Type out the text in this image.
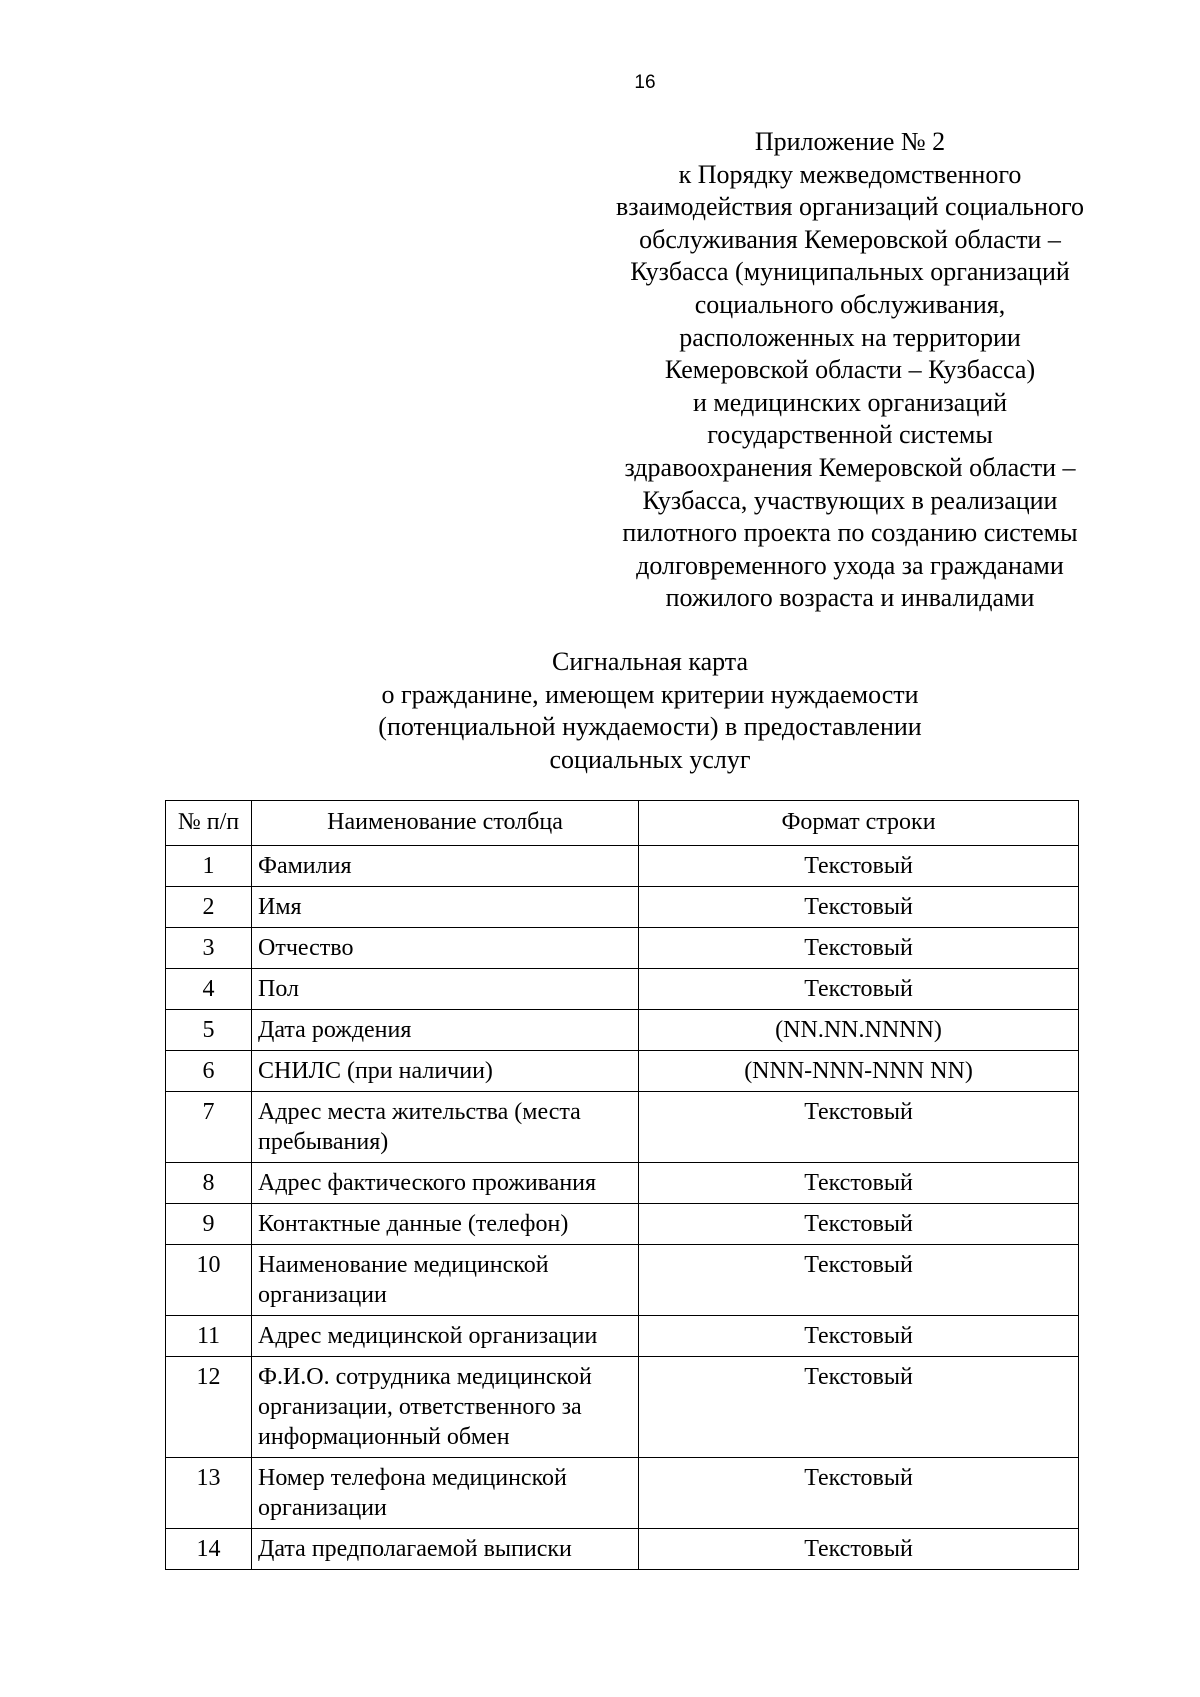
16
Приложение № 2
к Порядку межведомственного
взаимодействия организаций социального
обслуживания Кемеровской области –
Кузбасса (муниципальных организаций
социального обслуживания,
расположенных на территории
Кемеровской области – Кузбасса)
и медицинских организаций
государственной системы
здравоохранения Кемеровской области –
Кузбасса, участвующих в реализации
пилотного проекта по созданию системы
долговременного ухода за гражданами
пожилого возраста и инвалидами
Сигнальная карта
о гражданине, имеющем критерии нуждаемости
(потенциальной нуждаемости) в предоставлении
социальных услуг
№ п/п	Наименование столбца	Формат строки
1	Фамилия	Текстовый
2	Имя	Текстовый
3	Отчество	Текстовый
4	Пол	Текстовый
5	Дата рождения	(NN.NN.NNNN)
6	СНИЛС (при наличии)	(NNN-NNN-NNN NN)
7	Адрес места жительства (места пребывания)	Текстовый
8	Адрес фактического проживания	Текстовый
9	Контактные данные (телефон)	Текстовый
10	Наименование медицинской организации	Текстовый
11	Адрес медицинской организации	Текстовый
12	Ф.И.О. сотрудника медицинской организации, ответственного за информационный обмен	Текстовый
13	Номер телефона медицинской организации	Текстовый
14	Дата предполагаемой выписки	Текстовый
